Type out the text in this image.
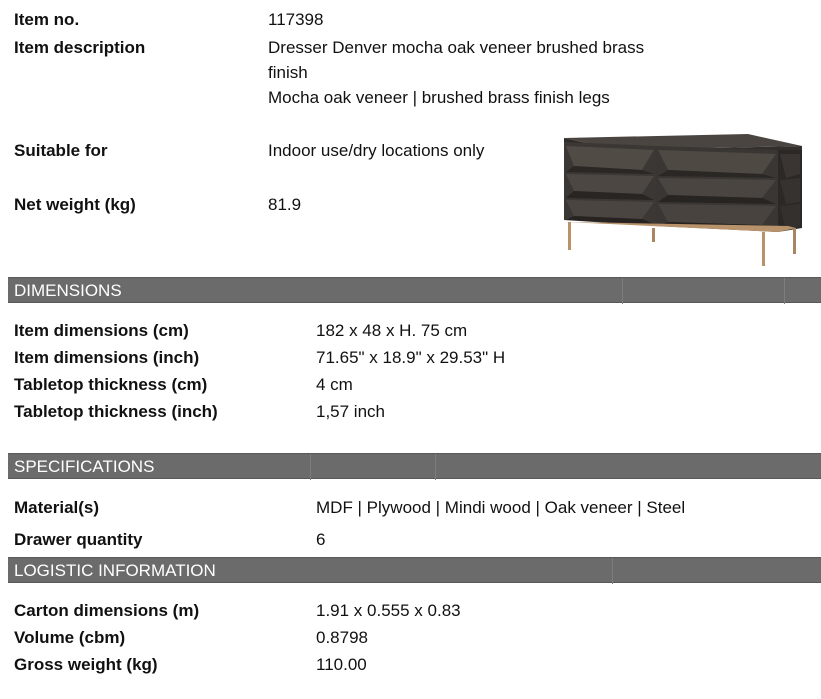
Item no.	117398
Item description	Dresser Denver mocha oak veneer brushed brass
finish
Mocha oak veneer | brushed brass finish legs
Suitable for	Indoor use/dry locations only
Net weight (kg)	81.9
DIMENSIONS
Item dimensions (cm)	182 x 48 x H. 75 cm
Item dimensions (inch)	71.65" x 18.9" x 29.53" H
Tabletop thickness (cm)	4 cm
Tabletop thickness (inch)	1,57 inch
SPECIFICATIONS
Material(s)	MDF | Plywood | Mindi wood | Oak veneer | Steel
Drawer quantity	6
LOGISTIC INFORMATION
Carton dimensions (m)	1.91 x 0.555 x 0.83
Volume (cbm)	0.8798
Gross weight (kg)	110.00
